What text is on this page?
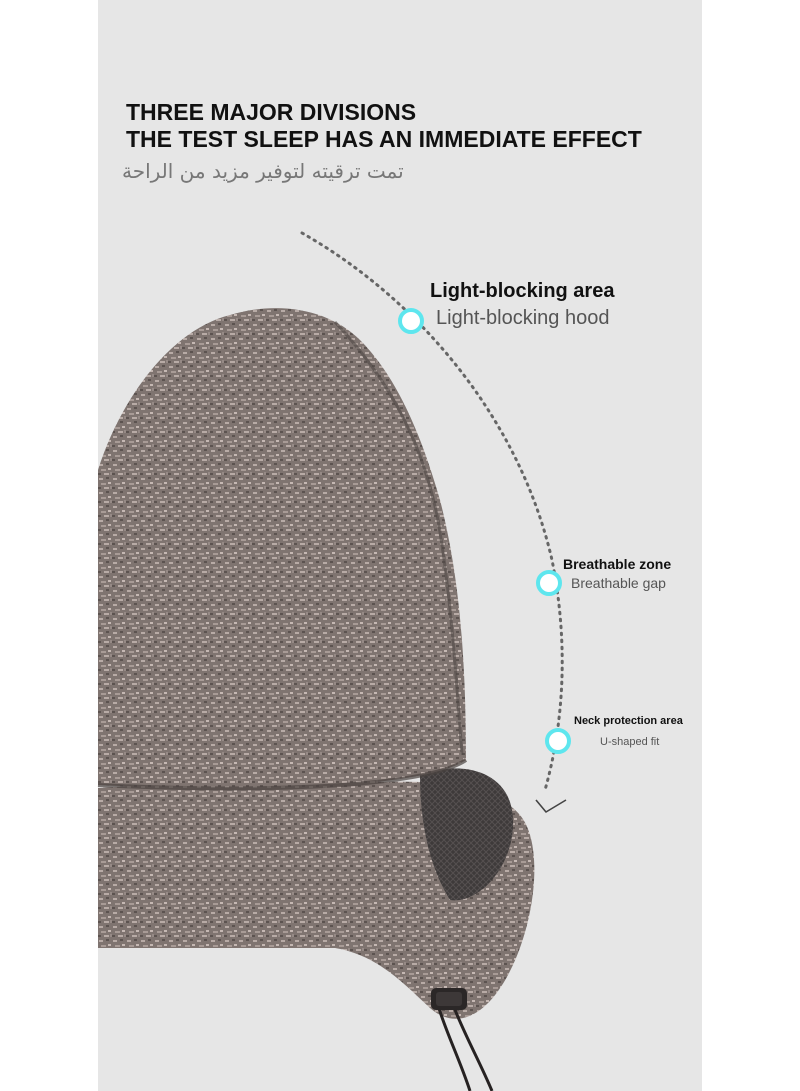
THREE MAJOR DIVISIONS
THE TEST SLEEP HAS AN IMMEDIATE EFFECT

تمت ترقيته لتوفير مزيد من الراحة

Light-blocking area

Light-blocking hood

Breathable zone

Breathable gap

Neck protection area

U-shaped fit
